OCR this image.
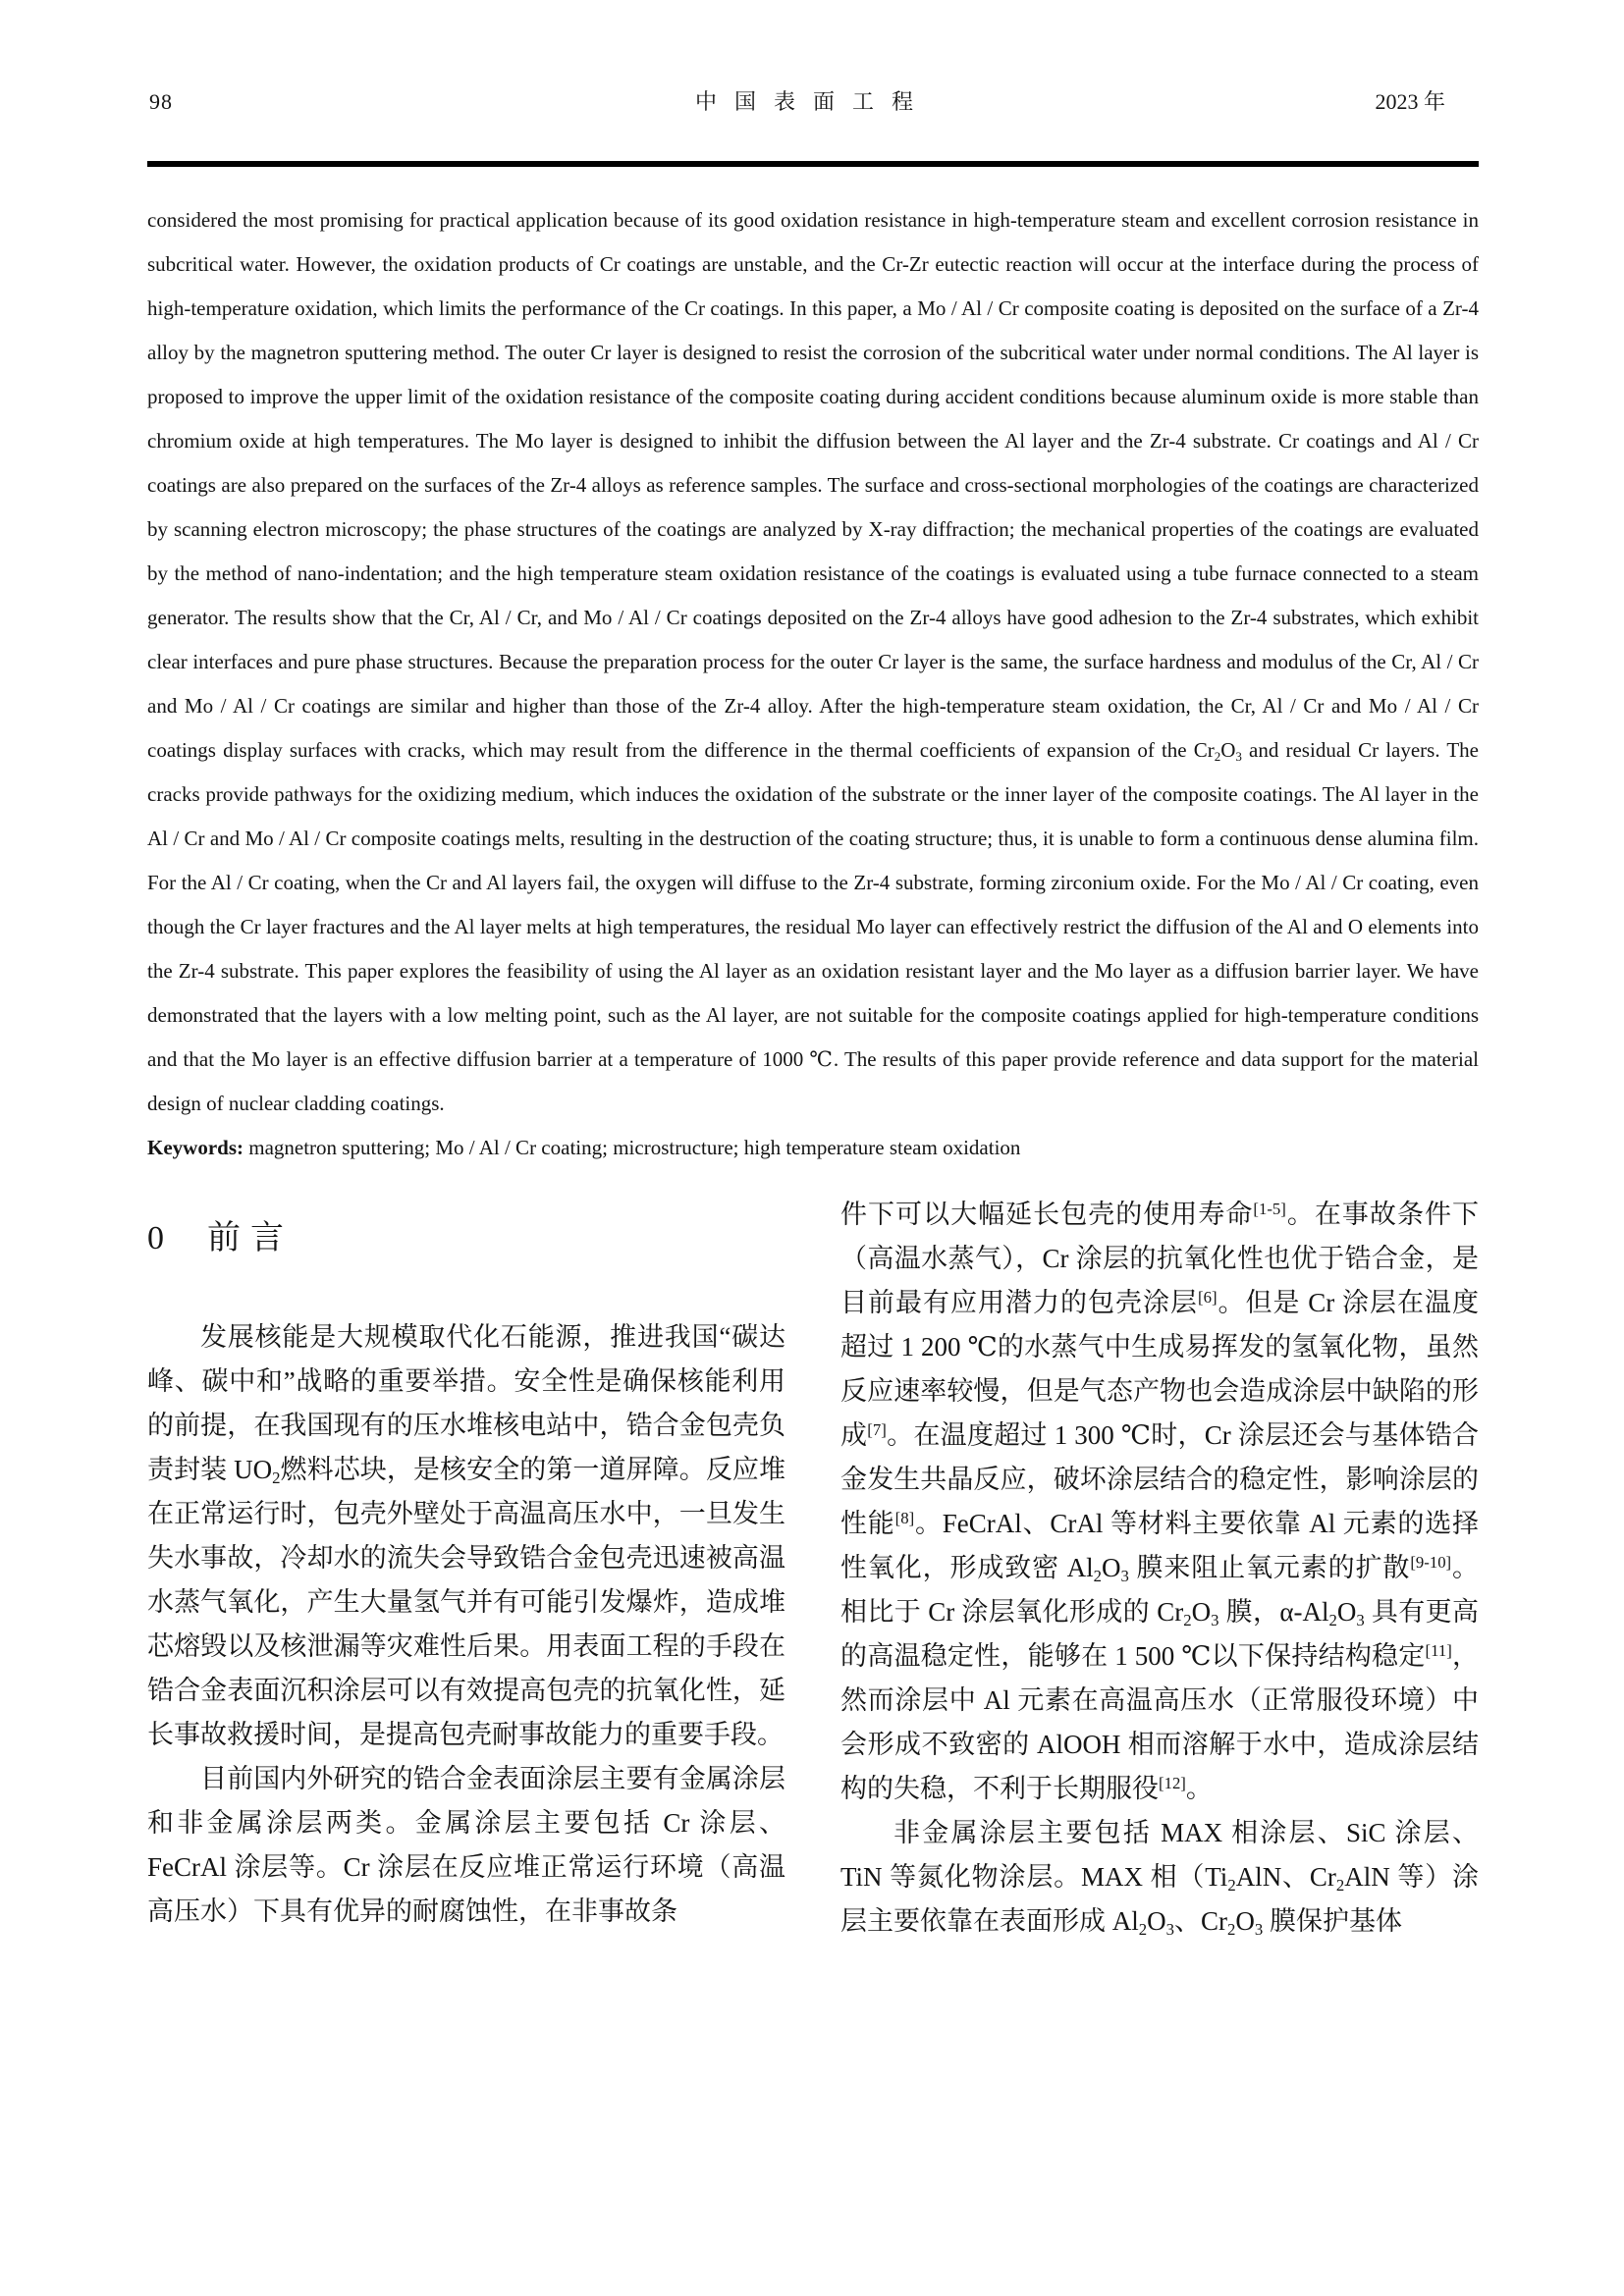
98	中国表面工程	2023 年

considered the most promising for practical application because of its good oxidation resistance in high-temperature steam and excellent corrosion resistance in subcritical water. However, the oxidation products of Cr coatings are unstable, and the Cr-Zr eutectic reaction will occur at the interface during the process of high-temperature oxidation, which limits the performance of the Cr coatings. In this paper, a Mo / Al / Cr composite coating is deposited on the surface of a Zr-4 alloy by the magnetron sputtering method. The outer Cr layer is designed to resist the corrosion of the subcritical water under normal conditions. The Al layer is proposed to improve the upper limit of the oxidation resistance of the composite coating during accident conditions because aluminum oxide is more stable than chromium oxide at high temperatures. The Mo layer is designed to inhibit the diffusion between the Al layer and the Zr-4 substrate. Cr coatings and Al / Cr coatings are also prepared on the surfaces of the Zr-4 alloys as reference samples. The surface and cross-sectional morphologies of the coatings are characterized by scanning electron microscopy; the phase structures of the coatings are analyzed by X-ray diffraction; the mechanical properties of the coatings are evaluated by the method of nano-indentation; and the high temperature steam oxidation resistance of the coatings is evaluated using a tube furnace connected to a steam generator. The results show that the Cr, Al / Cr, and Mo / Al / Cr coatings deposited on the Zr-4 alloys have good adhesion to the Zr-4 substrates, which exhibit clear interfaces and pure phase structures. Because the preparation process for the outer Cr layer is the same, the surface hardness and modulus of the Cr, Al / Cr and Mo / Al / Cr coatings are similar and higher than those of the Zr-4 alloy. After the high-temperature steam oxidation, the Cr, Al / Cr and Mo / Al / Cr coatings display surfaces with cracks, which may result from the difference in the thermal coefficients of expansion of the $Cr_2O_3$ and residual Cr layers. The cracks provide pathways for the oxidizing medium, which induces the oxidation of the substrate or the inner layer of the composite coatings. The Al layer in the Al / Cr and Mo / Al / Cr composite coatings melts, resulting in the destruction of the coating structure; thus, it is unable to form a continuous dense alumina film. For the Al / Cr coating, when the Cr and Al layers fail, the oxygen will diffuse to the Zr-4 substrate, forming zirconium oxide. For the Mo / Al / Cr coating, even though the Cr layer fractures and the Al layer melts at high temperatures, the residual Mo layer can effectively restrict the diffusion of the Al and O elements into the Zr-4 substrate. This paper explores the feasibility of using the Al layer as an oxidation resistant layer and the Mo layer as a diffusion barrier layer. We have demonstrated that the layers with a low melting point, such as the Al layer, are not suitable for the composite coatings applied for high-temperature conditions and that the Mo layer is an effective diffusion barrier at a temperature of 1000 ℃. The results of this paper provide reference and data support for the material design of nuclear cladding coatings.

Keywords: magnetron sputtering; Mo / Al / Cr coating; microstructure; high temperature steam oxidation

0 前言

发展核能是大规模取代化石能源，推进我国“碳达峰、碳中和”战略的重要举措。安全性是确保核能利用的前提，在我国现有的压水堆核电站中，锆合金包壳负责封装 $UO_2$燃料芯块，是核安全的第一道屏障。反应堆在正常运行时，包壳外壁处于高温高压水中，一旦发生失水事故，冷却水的流失会导致锆合金包壳迅速被高温水蒸气氧化，产生大量氢气并有可能引发爆炸，造成堆芯熔毁以及核泄漏等灾难性后果。用表面工程的手段在锆合金表面沉积涂层可以有效提高包壳的抗氧化性，延长事故救援时间，是提高包壳耐事故能力的重要手段。

目前国内外研究的锆合金表面涂层主要有金属涂层和非金属涂层两类。金属涂层主要包括 Cr 涂层、FeCrAl 涂层等。Cr 涂层在反应堆正常运行环境（高温高压水）下具有优异的耐腐蚀性，在非事故条

件下可以大幅延长包壳的使用寿命[1-5]。在事故条件下（高温水蒸气），Cr 涂层的抗氧化性也优于锆合金，是目前最有应用潜力的包壳涂层[6]。但是 Cr 涂层在温度超过 1 200 ℃的水蒸气中生成易挥发的氢氧化物，虽然反应速率较慢，但是气态产物也会造成涂层中缺陷的形成[7]。在温度超过 1 300 ℃时，Cr 涂层还会与基体锆合金发生共晶反应，破坏涂层结合的稳定性，影响涂层的性能[8]。FeCrAl、CrAl 等材料主要依靠 Al 元素的选择性氧化，形成致密 $Al_2O_3$ 膜来阻止氧元素的扩散[9-10]。相比于 Cr 涂层氧化形成的 $Cr_2O_3$ 膜，$\alpha-Al_2O_3$ 具有更高的高温稳定性，能够在 1 500 ℃以下保持结构稳定[11]，然而涂层中 Al 元素在高温高压水（正常服役环境）中会形成不致密的 AlOOH 相而溶解于水中，造成涂层结构的失稳，不利于长期服役[12]。

非金属涂层主要包括 MAX 相涂层、SiC 涂层、TiN 等氮化物涂层。MAX 相（$Ti_2AlN$、$Cr_2AlN$ 等）涂层主要依靠在表面形成 $Al_2O_3$、$Cr_2O_3$ 膜保护基体
